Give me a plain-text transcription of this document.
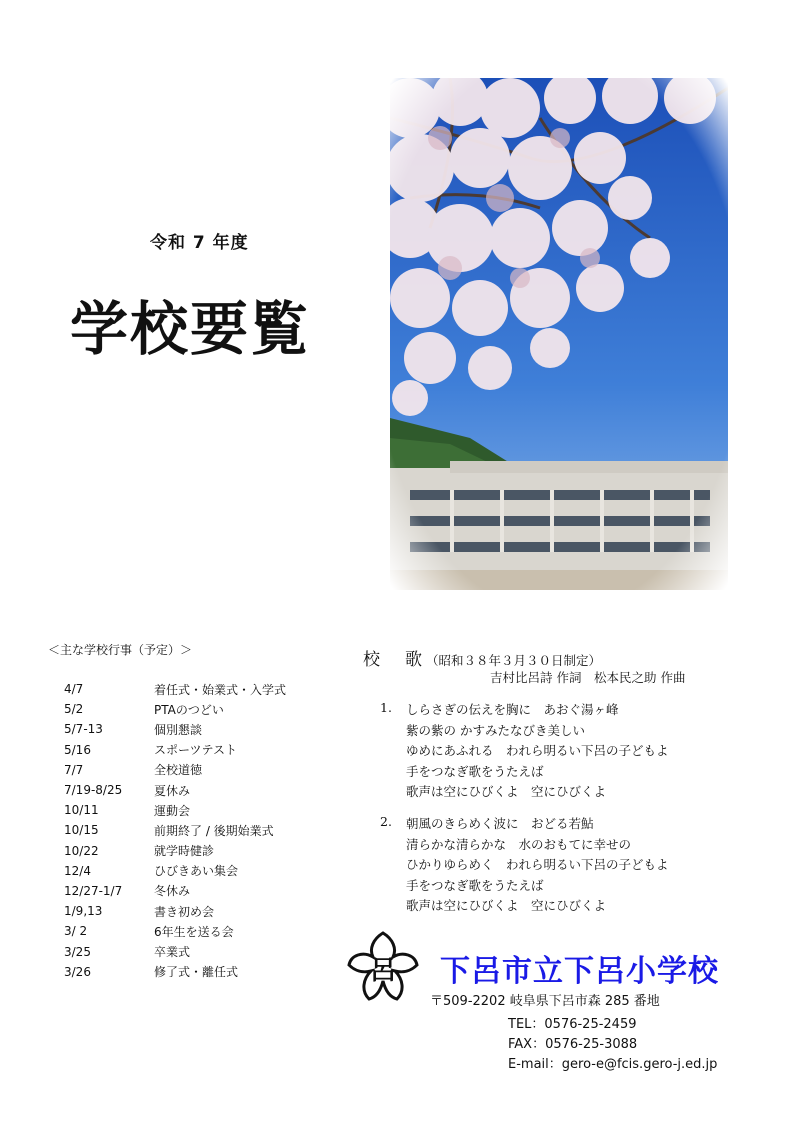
令和 7 年度
学校要覧
＜主な学校行事（予定）＞
4/7	着任式・始業式・入学式
5/2	PTAのつどい
5/7-13	個別懇談
5/16	スポーツテスト
7/7	全校道徳
7/19-8/25	夏休み
10/11	運動会
10/15	前期終了 / 後期始業式
10/22	就学時健診
12/4	ひびきあい集会
12/27-1/7	冬休み
1/9,13	書き初め会
3/ 2	6年生を送る会
3/25	卒業式
3/26	修了式・離任式
校　歌（昭和３８年３月３０日制定）
吉村比呂詩 作詞　松本民之助 作曲
1.	しらさぎの伝えを胸に　あおぐ湯ヶ峰
紫の紫の かすみたなびき美しい
ゆめにあふれる　われら明るい下呂の子どもよ
手をつなぎ歌をうたえば
歌声は空にひびくよ　空にひびくよ
2.	朝風のきらめく波に　おどる若鮎
清らかな清らかな　水のおもてに幸せの
ひかりゆらめく　われら明るい下呂の子どもよ
手をつなぎ歌をうたえば
歌声は空にひびくよ　空にひびくよ
呂 下呂市立下呂小学校
〒509-2202 岐阜県下呂市森 285 番地
TEL：0576-25-2459
FAX：0576-25-3088
E-mail：gero-e@fcis.gero-j.ed.jp
